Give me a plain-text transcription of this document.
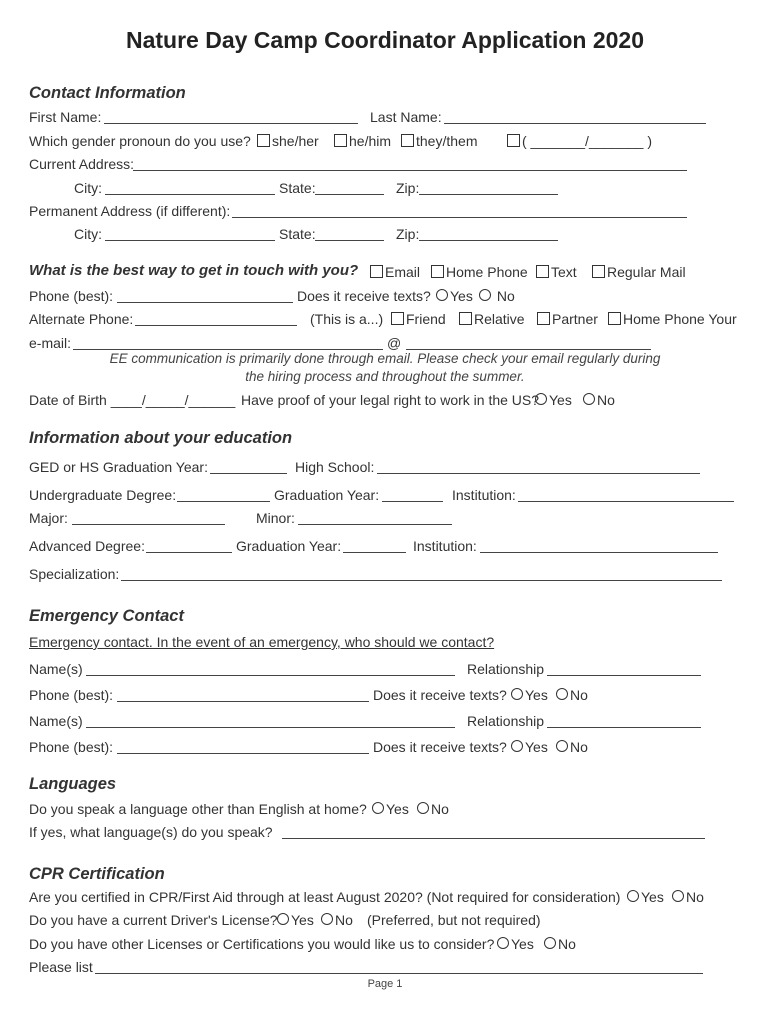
Nature Day Camp Coordinator Application 2020
Contact Information
First Name:	Last Name:
Which gender pronoun do you use?	she/her	he/him	they/them	( _______/_______ )
Current Address:
City:	State:	Zip:
Permanent Address (if different):
City:	State:	Zip:
What is the best way to get in touch with you?	Email	Home Phone	Text	Regular Mail
Phone (best):	Does it receive texts?	Yes	No
Alternate Phone:	(This is a...)	Friend	Relative	Partner	Home Phone Your
e-mail:	@
EE communication is primarily done through email. Please check your email regularly during
the hiring process and throughout the summer.
Date of Birth ____/_____/______ Have proof of your legal right to work in the US? Yes	No
Information about your education
GED or HS Graduation Year:	High School:
Undergraduate Degree:	Graduation Year:	Institution:
Major:	Minor:
Advanced Degree:	Graduation Year:	Institution:
Specialization:
Emergency Contact
Emergency contact. In the event of an emergency, who should we contact?
Name(s)	Relationship
Phone (best):	Does it receive texts?	Yes	No
Name(s)	Relationship
Phone (best):	Does it receive texts?	Yes	No
Languages
Do you speak a language other than English at home?	Yes	No
If yes, what language(s) do you speak?
CPR Certification
Are you certified in CPR/First Aid through at least August 2020? (Not required for consideration)	Yes	No
Do you have a current Driver's License? Yes	No (Preferred, but not required)
Do you have other Licenses or Certifications you would like us to consider?	Yes	No
Please list
Page 1
